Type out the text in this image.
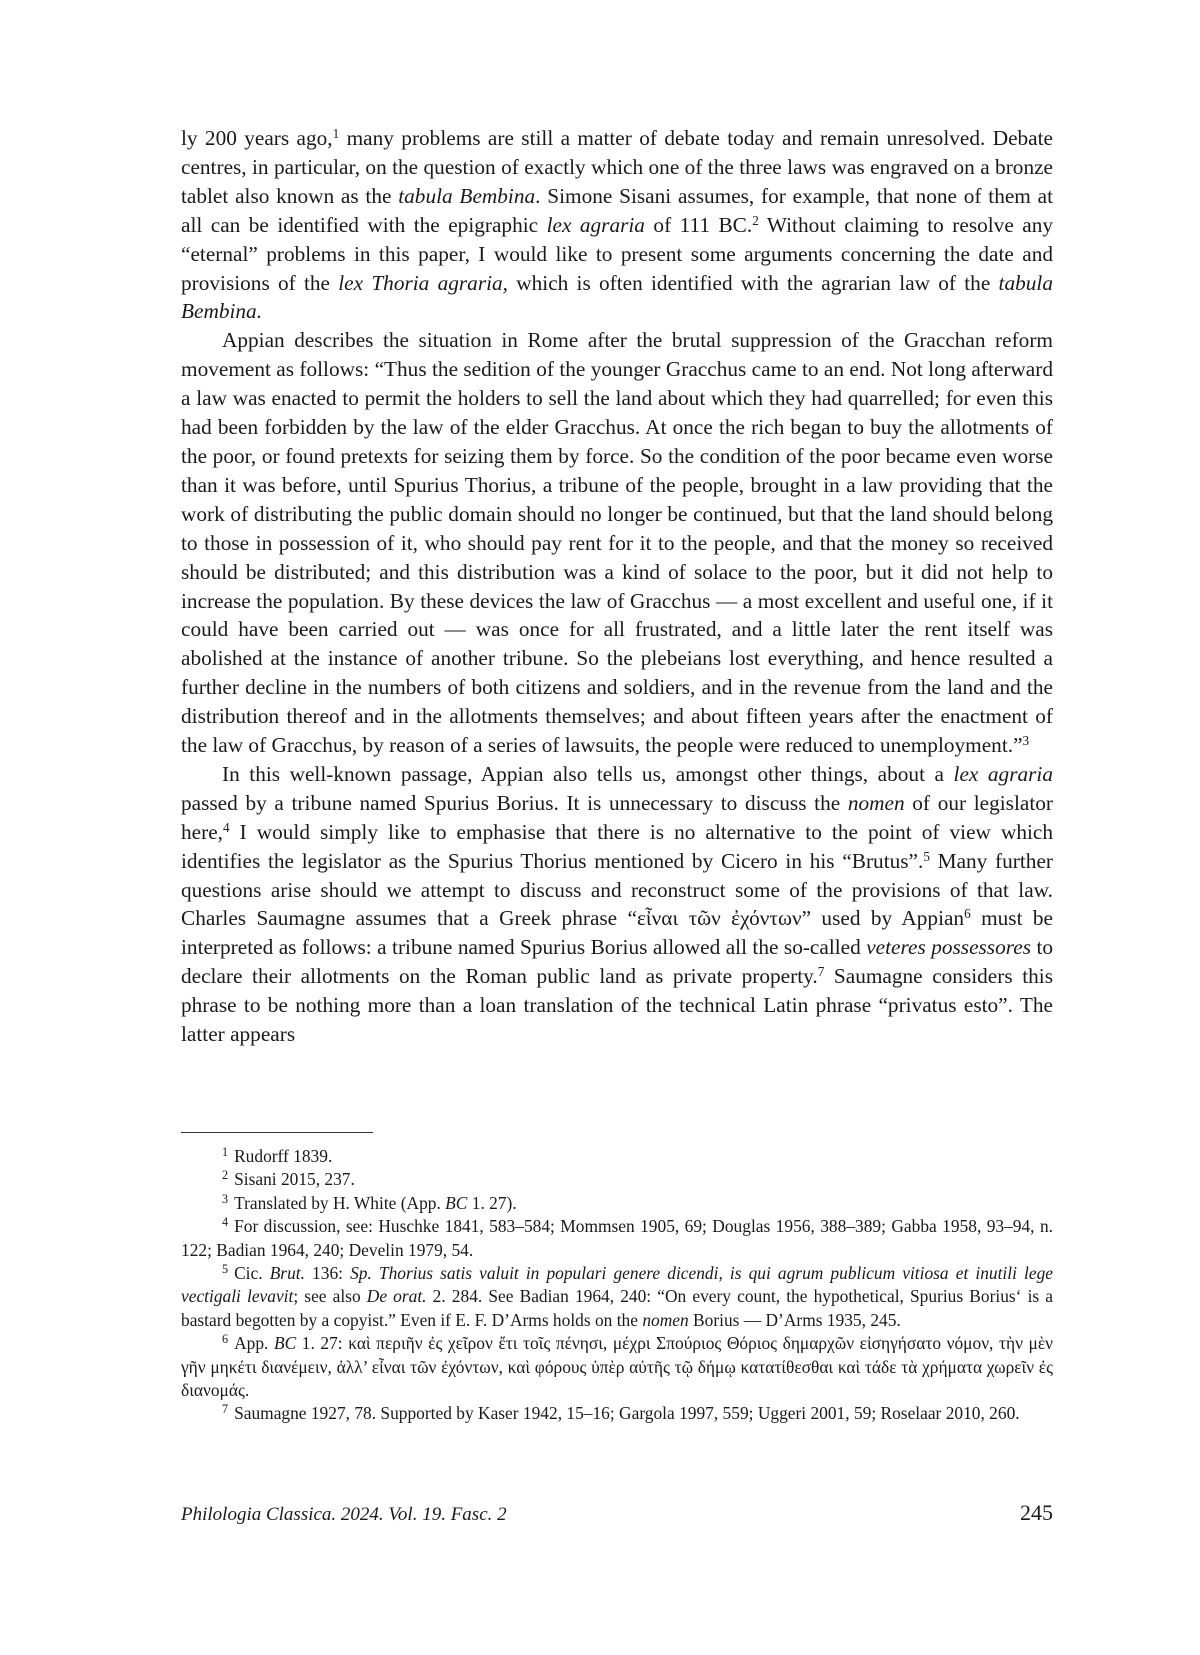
ly 200 years ago,$^1$ many problems are still a matter of debate today and remain unresolved. Debate centres, in particular, on the question of exactly which one of the three laws was engraved on a bronze tablet also known as the tabula Bembina. Simone Sisani assumes, for example, that none of them at all can be identified with the epigraphic lex agraria of 111 BC.$^2$ Without claiming to resolve any “eternal” problems in this paper, I would like to present some arguments concerning the date and provisions of the lex Thoria agraria, which is often identified with the agrarian law of the tabula Bembina.

Appian describes the situation in Rome after the brutal suppression of the Gracchan reform movement as follows: “Thus the sedition of the younger Gracchus came to an end. Not long afterward a law was enacted to permit the holders to sell the land about which they had quarrelled; for even this had been forbidden by the law of the elder Gracchus. At once the rich began to buy the allotments of the poor, or found pretexts for seizing them by force. So the condition of the poor became even worse than it was before, until Spurius Thorius, a tribune of the people, brought in a law providing that the work of distributing the public domain should no longer be continued, but that the land should belong to those in possession of it, who should pay rent for it to the people, and that the money so received should be distributed; and this distribution was a kind of solace to the poor, but it did not help to increase the population. By these devices the law of Gracchus — a most excellent and useful one, if it could have been carried out — was once for all frustrated, and a little later the rent itself was abolished at the instance of another tribune. So the plebeians lost everything, and hence resulted a further decline in the numbers of both citizens and soldiers, and in the revenue from the land and the distribution thereof and in the allotments themselves; and about fifteen years after the enactment of the law of Gracchus, by reason of a series of lawsuits, the people were reduced to unemployment.”$^3$

In this well-known passage, Appian also tells us, amongst other things, about a lex agraria passed by a tribune named Spurius Borius. It is unnecessary to discuss the nomen of our legislator here,$^4$ I would simply like to emphasise that there is no alternative to the point of view which identifies the legislator as the Spurius Thorius mentioned by Cicero in his “Brutus”.$^5$ Many further questions arise should we attempt to discuss and reconstruct some of the provisions of that law. Charles Saumagne assumes that a Greek phrase “εἶναι τῶν ἐχόντων” used by Appian$^6$ must be interpreted as follows: a tribune named Spurius Borius allowed all the so-called veteres possessores to declare their allotments on the Roman public land as private property.$^7$ Saumagne considers this phrase to be nothing more than a loan translation of the technical Latin phrase “privatus esto”. The latter appears

$^1$ Rudorff 1839.

$^2$ Sisani 2015, 237.

$^3$ Translated by H. White (App. BC 1. 27).

$^4$ For discussion, see: Huschke 1841, 583–584; Mommsen 1905, 69; Douglas 1956, 388–389; Gabba 1958, 93–94, n. 122; Badian 1964, 240; Develin 1979, 54.

$^5$ Cic. Brut. 136: Sp. Thorius satis valuit in populari genere dicendi, is qui agrum publicum vitiosa et inutili lege vectigali levavit; see also De orat. 2. 284. See Badian 1964, 240: “On every count, the hypothetical, Spurius Borius‘ is a bastard begotten by a copyist.” Even if E. F. D’Arms holds on the nomen Borius — D’Arms 1935, 245.

$^6$ App. BC 1. 27: καὶ περιῆν ἐς χεῖρον ἔτι τοῖς πένησι, μέχρι Σπούριος Θόριος δημαρχῶν εἰσηγήσατο νόμον, τὴν μὲν γῆν μηκέτι διανέμειν, ἀλλ’ εἶναι τῶν ἐχόντων, καὶ φόρους ὑπὲρ αὐτῆς τῷ δήμῳ κατατίθεσθαι καὶ τάδε τὰ χρήματα χωρεῖν ἐς διανομάς.

$^7$ Saumagne 1927, 78. Supported by Kaser 1942, 15–16; Gargola 1997, 559; Uggeri 2001, 59; Roselaar 2010, 260.

Philologia Classica. 2024. Vol. 19. Fasc. 2	245
